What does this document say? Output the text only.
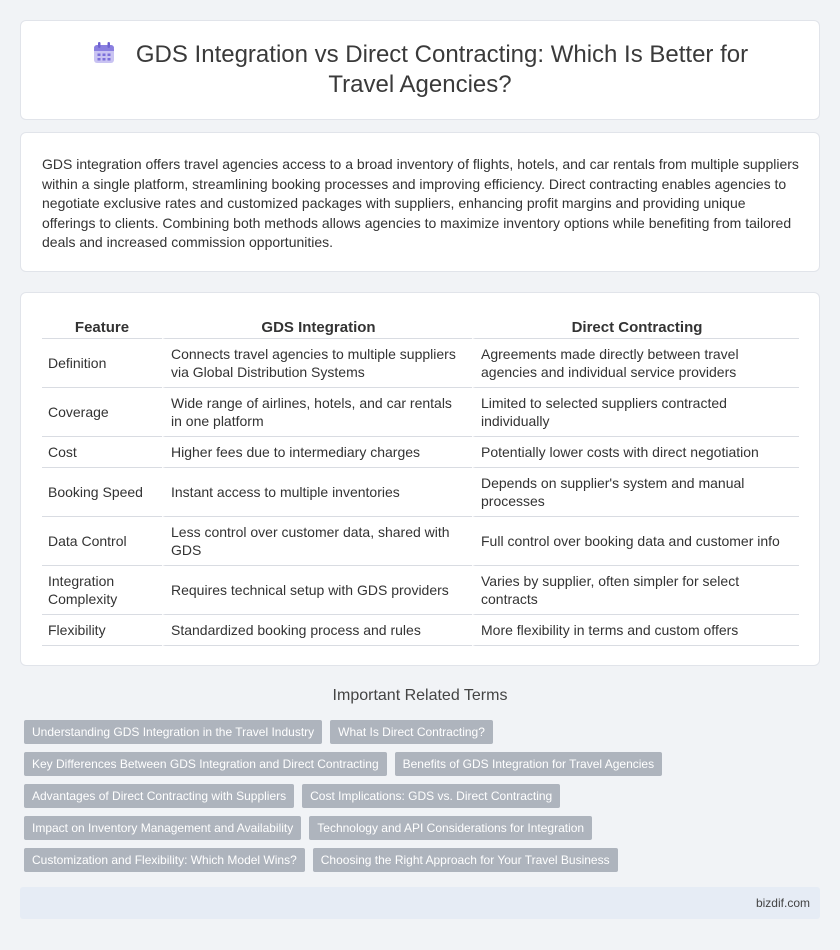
GDS Integration vs Direct Contracting: Which Is Better for Travel Agencies?

GDS integration offers travel agencies access to a broad inventory of flights, hotels, and car rentals from multiple suppliers within a single platform, streamlining booking processes and improving efficiency. Direct contracting enables agencies to negotiate exclusive rates and customized packages with suppliers, enhancing profit margins and providing unique offerings to clients. Combining both methods allows agencies to maximize inventory options while benefiting from tailored deals and increased commission opportunities.

Feature	GDS Integration	Direct Contracting
Definition	Connects travel agencies to multiple suppliers via Global Distribution Systems	Agreements made directly between travel agencies and individual service providers
Coverage	Wide range of airlines, hotels, and car rentals in one platform	Limited to selected suppliers contracted individually
Cost	Higher fees due to intermediary charges	Potentially lower costs with direct negotiation
Booking Speed	Instant access to multiple inventories	Depends on supplier's system and manual processes
Data Control	Less control over customer data, shared with GDS	Full control over booking data and customer info
Integration Complexity	Requires technical setup with GDS providers	Varies by supplier, often simpler for select contracts
Flexibility	Standardized booking process and rules	More flexibility in terms and custom offers
Important Related Terms
Understanding GDS Integration in the Travel Industry	What Is Direct Contracting?
Key Differences Between GDS Integration and Direct Contracting	Benefits of GDS Integration for Travel Agencies
Advantages of Direct Contracting with Suppliers	Cost Implications: GDS vs. Direct Contracting
Impact on Inventory Management and Availability	Technology and API Considerations for Integration
Customization and Flexibility: Which Model Wins?	Choosing the Right Approach for Your Travel Business
bizdif.com
